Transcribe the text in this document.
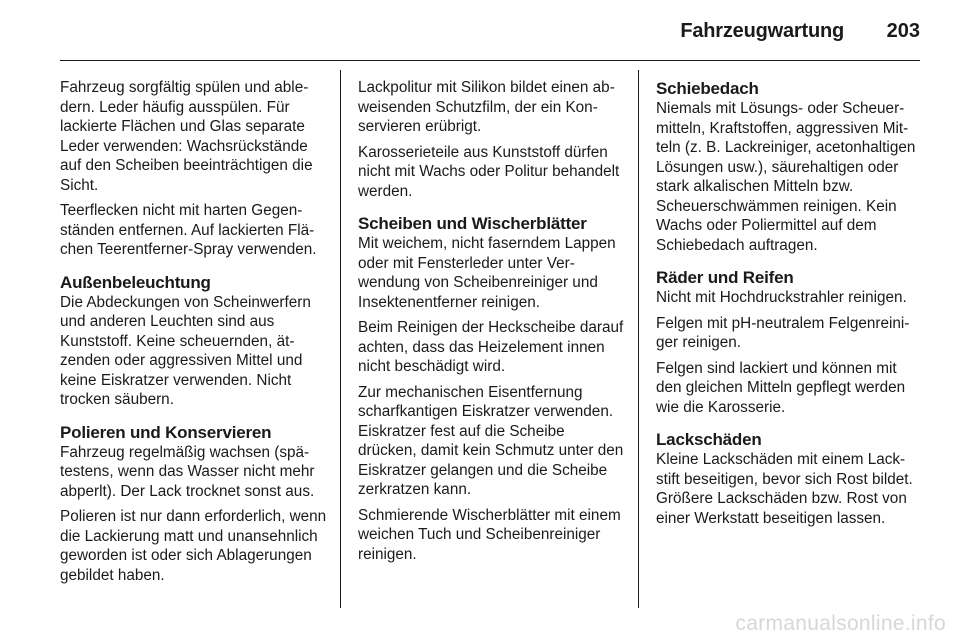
Fahrzeugwartung 203

Fahrzeug sorgfältig spülen und abledern. Leder häufig ausspülen. Für lackierte Flächen und Glas separate Leder verwenden: Wachsrückstände auf den Scheiben beeinträchtigen die Sicht.

Teerflecken nicht mit harten Gegenständen entfernen. Auf lackierten Flächen Teerentferner-Spray verwenden.

Außenbeleuchtung

Die Abdeckungen von Scheinwerfern und anderen Leuchten sind aus Kunststoff. Keine scheuernden, ätzenden oder aggressiven Mittel und keine Eiskratzer verwenden. Nicht trocken säubern.

Polieren und Konservieren

Fahrzeug regelmäßig wachsen (spätestens, wenn das Wasser nicht mehr abperlt). Der Lack trocknet sonst aus.

Polieren ist nur dann erforderlich, wenn die Lackierung matt und unansehnlich geworden ist oder sich Ablagerungen gebildet haben.

Lackpolitur mit Silikon bildet einen abweisenden Schutzfilm, der ein Konservieren erübrigt.

Karosserieteile aus Kunststoff dürfen nicht mit Wachs oder Politur behandelt werden.

Scheiben und Wischerblätter

Mit weichem, nicht faserndem Lappen oder mit Fensterleder unter Verwendung von Scheibenreiniger und Insektenentferner reinigen.

Beim Reinigen der Heckscheibe darauf achten, dass das Heizelement innen nicht beschädigt wird.

Zur mechanischen Eisentfernung scharfkantigen Eiskratzer verwenden. Eiskratzer fest auf die Scheibe drücken, damit kein Schmutz unter den Eiskratzer gelangen und die Scheibe zerkratzen kann.

Schmierende Wischerblätter mit einem weichen Tuch und Scheibenreiniger reinigen.

Schiebedach

Niemals mit Lösungs- oder Scheuermitteln, Kraftstoffen, aggressiven Mitteln (z. B. Lackreiniger, acetonhaltigen Lösungen usw.), säurehaltigen oder stark alkalischen Mitteln bzw. Scheuerschwämmen reinigen. Kein Wachs oder Poliermittel auf dem Schiebedach auftragen.

Räder und Reifen

Nicht mit Hochdruckstrahler reinigen.

Felgen mit pH-neutralem Felgenreiniger reinigen.

Felgen sind lackiert und können mit den gleichen Mitteln gepflegt werden wie die Karosserie.

Lackschäden

Kleine Lackschäden mit einem Lackstift beseitigen, bevor sich Rost bildet. Größere Lackschäden bzw. Rost von einer Werkstatt beseitigen lassen.

carmanualsonline.info
